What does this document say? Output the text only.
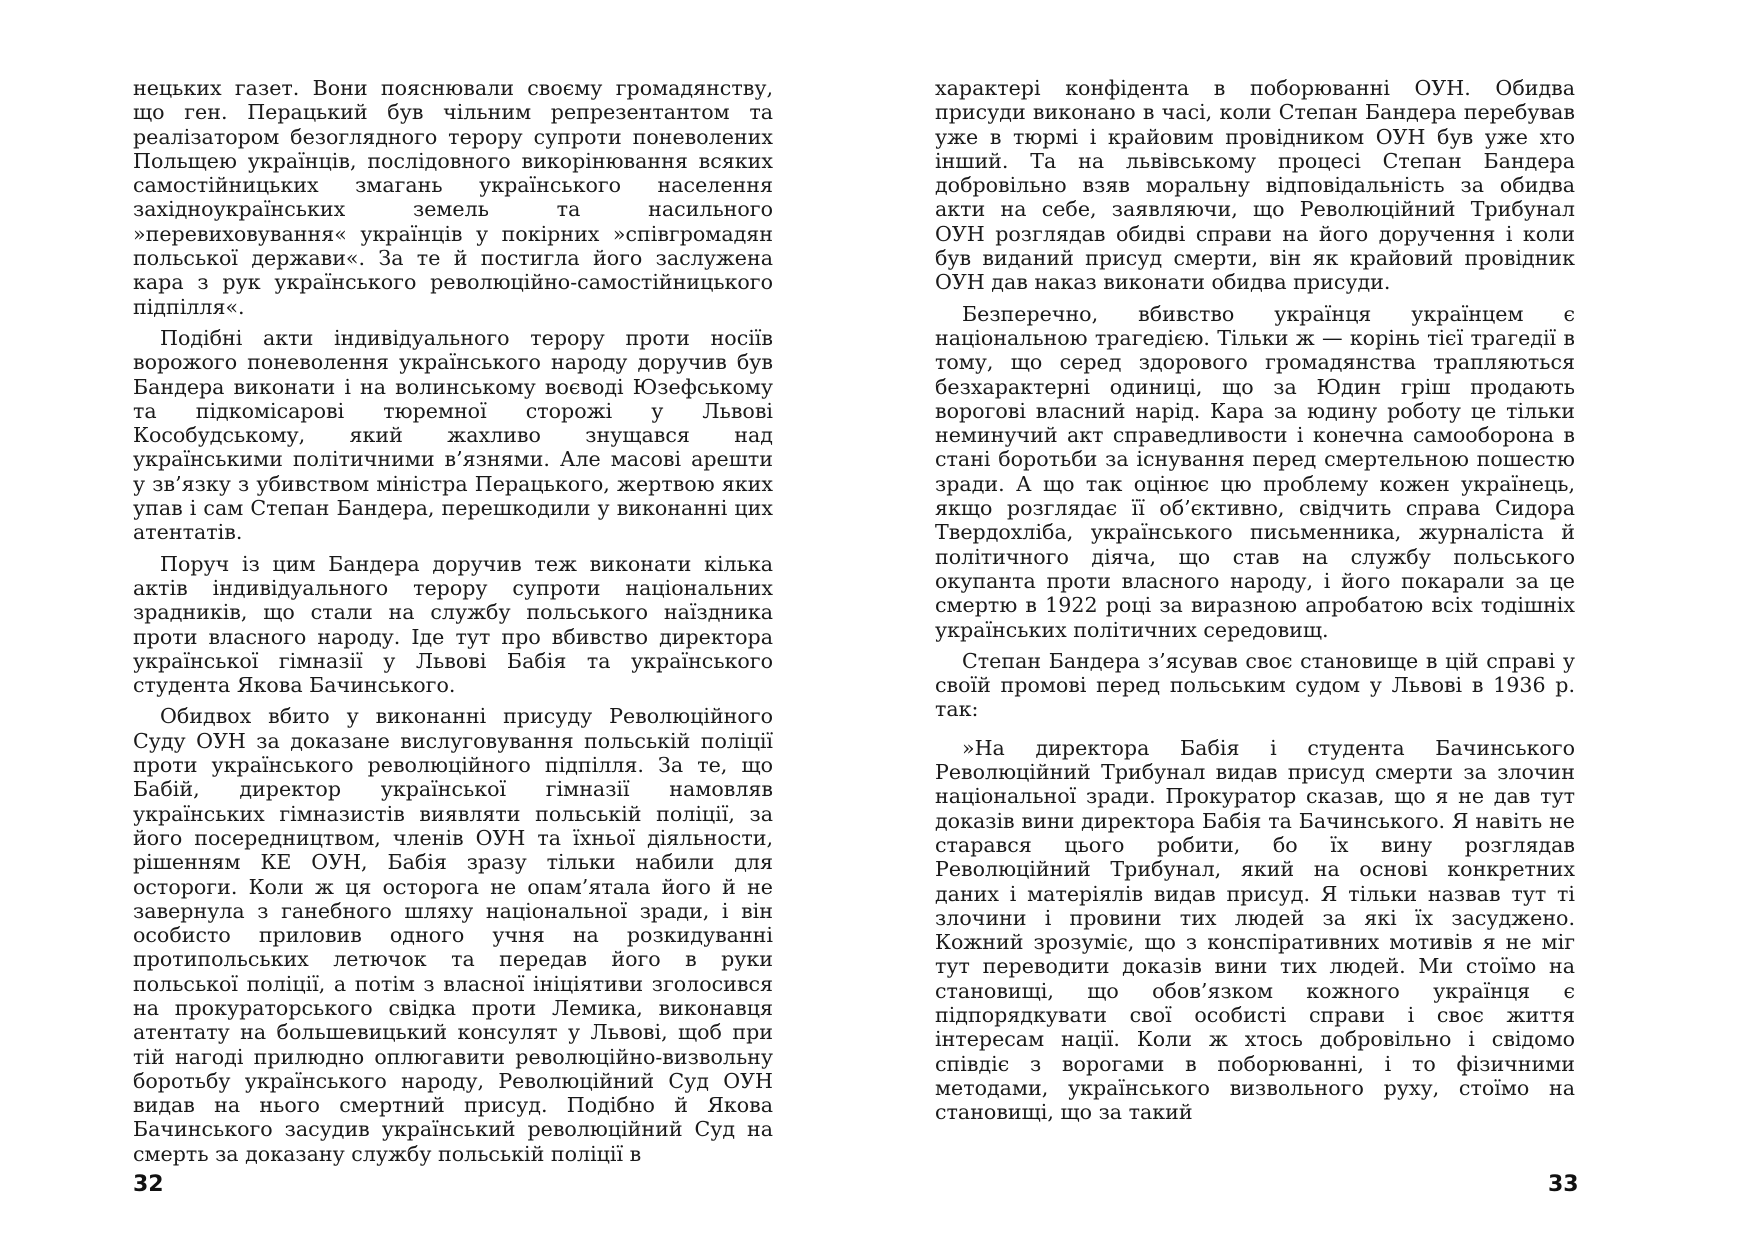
нецьких газет. Вони пояснювали своєму громадянству, що ген. Перацький був чільним репрезентантом та реалізатором безоглядного терору супроти поневолених Польщею українців, послідовного викорінювання всяких самостійницьких змагань українського населення західноукраїнських земель та насильного »перевиховування« українців у покірних »співгромадян польської держави«. За те й постигла його заслужена кара з рук українського революційно-самостійницького підпілля«.

Подібні акти індивідуального терору проти носіїв ворожого поневолення українського народу доручив був Бандера виконати і на волинському воєводі Юзефському та підкомісарові тюремної сторожі у Львові Кособудському, який жахливо знущався над українськими політичними в’язнями. Але масові арешти у зв’язку з убивством міністра Перацького, жертвою яких упав і сам Степан Бандера, перешкодили у виконанні цих атентатів.

Поруч із цим Бандера доручив теж виконати кілька актів індивідуального терору супроти національних зрадників, що стали на службу польського наїздника проти власного народу. Іде тут про вбивство директора української гімназії у Львові Бабія та українського студента Якова Бачинського.

Обидвох вбито у виконанні присуду Революційного Суду ОУН за доказане вислуговування польській поліції проти українського революційного підпілля. За те, що Бабій, директор української гімназії намовляв українських гімназистів виявляти польській поліції, за його посередництвом, членів ОУН та їхньої діяльности, рішенням КЕ ОУН, Бабія зразу тільки набили для остороги. Коли ж ця осторога не опам’ятала його й не завернула з ганебного шляху національної зради, і він особисто приловив одного учня на розкидуванні протипольських летючок та передав його в руки польської поліції, а потім з власної ініціятиви зголосився на прокураторського свідка проти Лемика, виконавця атентату на большевицький консулят у Львові, щоб при тій нагоді прилюдно оплюгавити революційно-визвольну боротьбу українського народу, Революційний Суд ОУН видав на нього смертний присуд. Подібно й Якова Бачинського засудив український революційний Суд на смерть за доказану службу польській поліції в

32

характері конфідента в поборюванні ОУН. Обидва присуди виконано в часі, коли Степан Бандера перебував уже в тюрмі і крайовим провідником ОУН був уже хто інший. Та на львівському процесі Степан Бандера добровільно взяв моральну відповідальність за обидва акти на себе, заявляючи, що Революційний Трибунал ОУН розглядав обидві справи на його доручення і коли був виданий присуд смерти, він як крайовий провідник ОУН дав наказ виконати обидва присуди.

Безперечно, вбивство українця українцем є національною трагедією. Тільки ж — корінь тієї трагедії в тому, що серед здорового громадянства трапляються безхарактерні одиниці, що за Юдин гріш продають ворогові власний нарід. Кара за юдину роботу це тільки неминучий акт справедливости і конечна самооборона в стані боротьби за існування перед смертельною пошестю зради. А що так оцінює цю проблему кожен українець, якщо розглядає її об’єктивно, свідчить справа Сидора Твердохліба, українського письменника, журналіста й політичного діяча, що став на службу польського окупанта проти власного народу, і його покарали за це смертю в 1922 році за виразною апробатою всіх тодішніх українських політичних середовищ.

Степан Бандера з’ясував своє становище в цій справі у своїй промові перед польським судом у Львові в 1936 р. так:

»На директора Бабія і студента Бачинського Революційний Трибунал видав присуд смерти за злочин національної зради. Прокуратор сказав, що я не дав тут доказів вини директора Бабія та Бачинського. Я навіть не старався цього робити, бо їх вину розглядав Революційний Трибунал, який на основі конкретних даних і матеріялів видав присуд. Я тільки назвав тут ті злочини і провини тих людей за які їх засуджено. Кожний зрозуміє, що з конспіративних мотивів я не міг тут переводити доказів вини тих людей. Ми стоїмо на становищі, що обов’язком кожного українця є підпорядкувати свої особисті справи і своє життя інтересам нації. Коли ж хтось добровільно і свідомо співдіє з ворогами в поборюванні, і то фізичними методами, українського визвольного руху, стоїмо на становищі, що за такий

33
